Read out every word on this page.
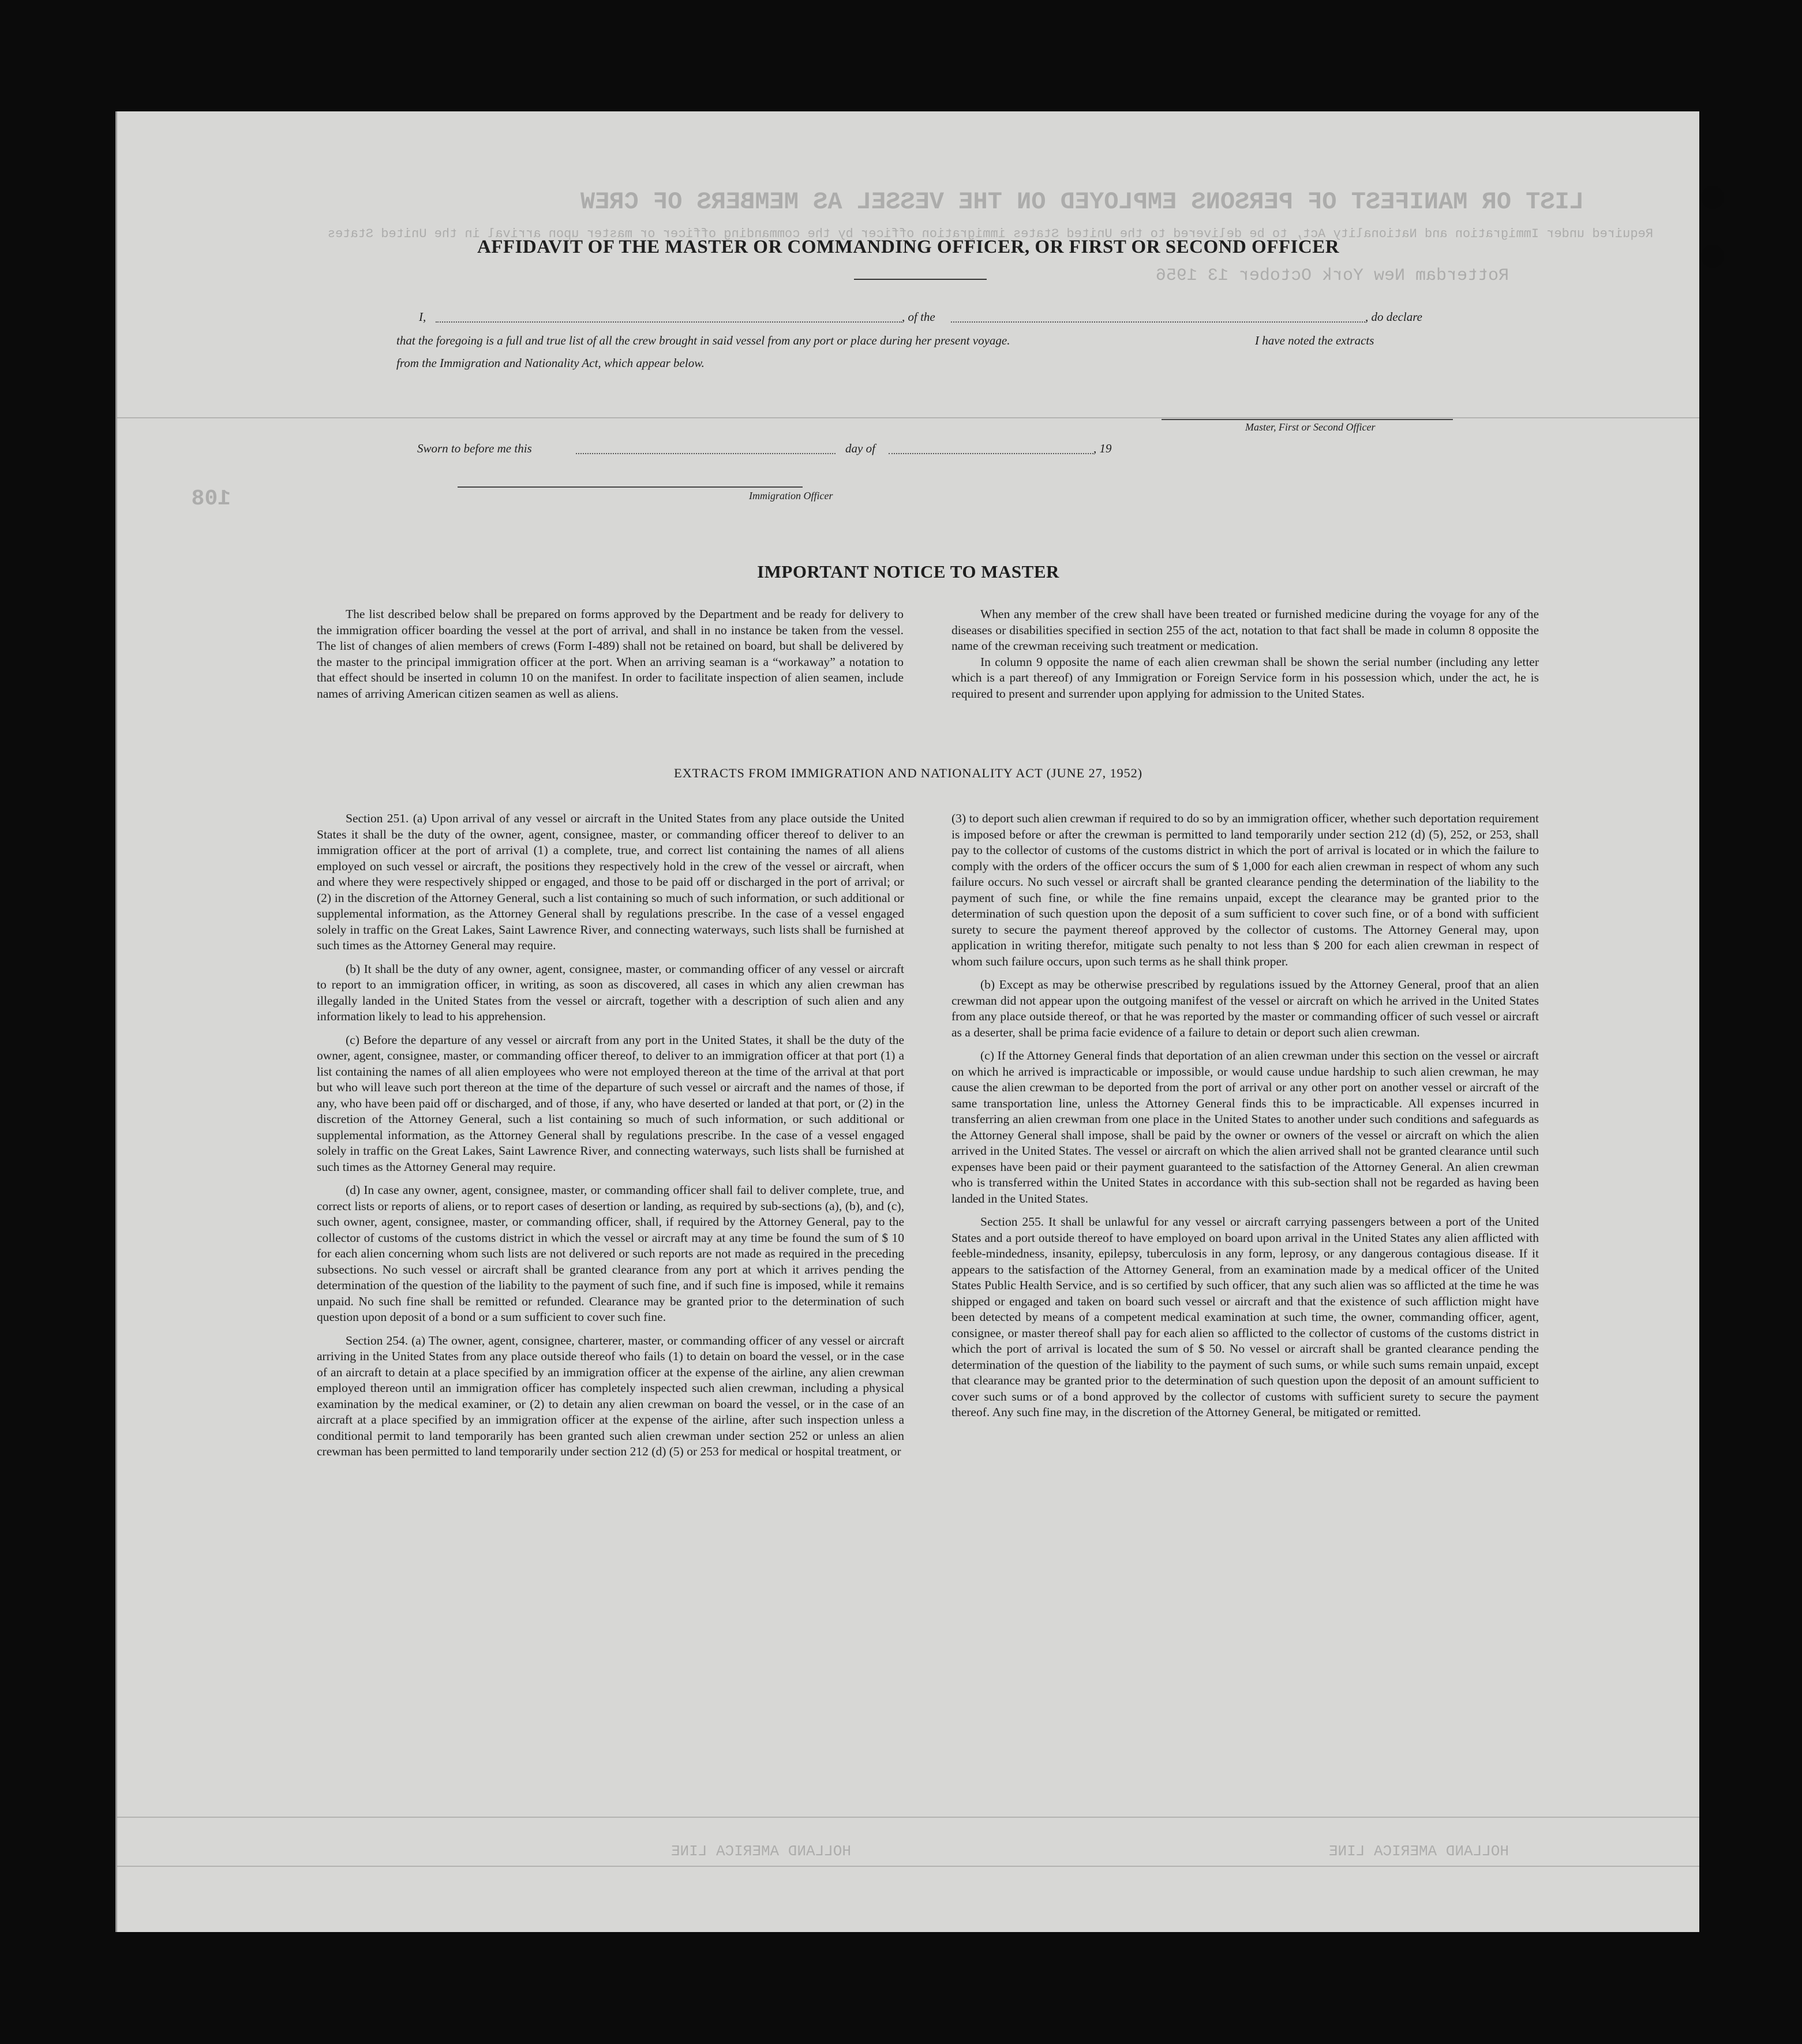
LIST OR MANIFEST OF PERSONS EMPLOYED ON THE VESSEL AS MEMBERS OF CREW
Required under Immigration and Nationality Act, to be delivered to the United States immigration officer by the commanding officer or master upon arrival in the United States
Rotterdam New York October 13 1956
108
HOLLAND AMERICA LINE
HOLLAND AMERICA LINE
AFFIDAVIT OF THE MASTER OR COMMANDING OFFICER, OR FIRST OR SECOND OFFICER
I,	, of the	, do declare
that the foregoing is a full and true list of all the crew brought in said vessel from any port or place during her present voyage.	I have noted the extracts
from the Immigration and Nationality Act, which appear below.
Master, First or Second Officer
Sworn to before me this	day of	, 19
Immigration Officer
IMPORTANT NOTICE TO MASTER

The list described below shall be prepared on forms approved by the Department and be ready for delivery to the immigration officer boarding the vessel at the port of arrival, and shall in no instance be taken from the vessel. The list of changes of alien members of crews (Form I-489) shall not be retained on board, but shall be delivered by the master to the principal immigration officer at the port. When an arriving seaman is a “workaway” a notation to that effect should be inserted in column 10 on the manifest. In order to facilitate inspection of alien seamen, include names of arriving American citizen seamen as well as aliens.

When any member of the crew shall have been treated or furnished medicine during the voyage for any of the diseases or disabilities specified in section 255 of the act, notation to that fact shall be made in column 8 opposite the name of the crewman receiving such treatment or medication.

In column 9 opposite the name of each alien crewman shall be shown the serial number (including any letter which is a part thereof) of any Immigration or Foreign Service form in his possession which, under the act, he is required to present and surrender upon applying for admission to the United States.

EXTRACTS FROM IMMIGRATION AND NATIONALITY ACT (JUNE 27, 1952)

Section 251. (a) Upon arrival of any vessel or aircraft in the United States from any place outside the United States it shall be the duty of the owner, agent, consignee, master, or commanding officer thereof to deliver to an immigration officer at the port of arrival (1) a complete, true, and correct list containing the names of all aliens employed on such vessel or aircraft, the positions they respectively hold in the crew of the vessel or aircraft, when and where they were respectively shipped or engaged, and those to be paid off or discharged in the port of arrival; or (2) in the discretion of the Attorney General, such a list containing so much of such information, or such additional or supplemental information, as the Attorney General shall by regulations prescribe. In the case of a vessel engaged solely in traffic on the Great Lakes, Saint Lawrence River, and connecting waterways, such lists shall be furnished at such times as the Attorney General may require.

(b) It shall be the duty of any owner, agent, consignee, master, or commanding officer of any vessel or aircraft to report to an immigration officer, in writing, as soon as discovered, all cases in which any alien crewman has illegally landed in the United States from the vessel or aircraft, together with a description of such alien and any information likely to lead to his apprehension.

(c) Before the departure of any vessel or aircraft from any port in the United States, it shall be the duty of the owner, agent, consignee, master, or commanding officer thereof, to deliver to an immigration officer at that port (1) a list containing the names of all alien employees who were not employed thereon at the time of the arrival at that port but who will leave such port thereon at the time of the departure of such vessel or aircraft and the names of those, if any, who have been paid off or discharged, and of those, if any, who have deserted or landed at that port, or (2) in the discretion of the Attorney General, such a list containing so much of such information, or such additional or supplemental information, as the Attorney General shall by regulations prescribe. In the case of a vessel engaged solely in traffic on the Great Lakes, Saint Lawrence River, and connecting waterways, such lists shall be furnished at such times as the Attorney General may require.

(d) In case any owner, agent, consignee, master, or commanding officer shall fail to deliver complete, true, and correct lists or reports of aliens, or to report cases of desertion or landing, as required by sub-sections (a), (b), and (c), such owner, agent, consignee, master, or commanding officer, shall, if required by the Attorney General, pay to the collector of customs of the customs district in which the vessel or aircraft may at any time be found the sum of $ 10 for each alien concerning whom such lists are not delivered or such reports are not made as required in the preceding subsections. No such vessel or aircraft shall be granted clearance from any port at which it arrives pending the determination of the question of the liability to the payment of such fine, and if such fine is imposed, while it remains unpaid. No such fine shall be remitted or refunded. Clearance may be granted prior to the determination of such question upon deposit of a bond or a sum sufficient to cover such fine.

Section 254. (a) The owner, agent, consignee, charterer, master, or commanding officer of any vessel or aircraft arriving in the United States from any place outside thereof who fails (1) to detain on board the vessel, or in the case of an aircraft to detain at a place specified by an immigration officer at the expense of the airline, any alien crewman employed thereon until an immigration officer has completely inspected such alien crewman, including a physical examination by the medical examiner, or (2) to detain any alien crewman on board the vessel, or in the case of an aircraft at a place specified by an immigration officer at the expense of the airline, after such inspection unless a conditional permit to land temporarily has been granted such alien crewman under section 252 or unless an alien crewman has been permitted to land temporarily under section 212 (d) (5) or 253 for medical or hospital treatment, or

(3) to deport such alien crewman if required to do so by an immigration officer, whether such deportation requirement is imposed before or after the crewman is permitted to land temporarily under section 212 (d) (5), 252, or 253, shall pay to the collector of customs of the customs district in which the port of arrival is located or in which the failure to comply with the orders of the officer occurs the sum of $ 1,000 for each alien crewman in respect of whom any such failure occurs. No such vessel or aircraft shall be granted clearance pending the determination of the liability to the payment of such fine, or while the fine remains unpaid, except the clearance may be granted prior to the determination of such question upon the deposit of a sum sufficient to cover such fine, or of a bond with sufficient surety to secure the payment thereof approved by the collector of customs. The Attorney General may, upon application in writing therefor, mitigate such penalty to not less than $ 200 for each alien crewman in respect of whom such failure occurs, upon such terms as he shall think proper.

(b) Except as may be otherwise prescribed by regulations issued by the Attorney General, proof that an alien crewman did not appear upon the outgoing manifest of the vessel or aircraft on which he arrived in the United States from any place outside thereof, or that he was reported by the master or commanding officer of such vessel or aircraft as a deserter, shall be prima facie evidence of a failure to detain or deport such alien crewman.

(c) If the Attorney General finds that deportation of an alien crewman under this section on the vessel or aircraft on which he arrived is impracticable or impossible, or would cause undue hardship to such alien crewman, he may cause the alien crewman to be deported from the port of arrival or any other port on another vessel or aircraft of the same transportation line, unless the Attorney General finds this to be impracticable. All expenses incurred in transferring an alien crewman from one place in the United States to another under such conditions and safeguards as the Attorney General shall impose, shall be paid by the owner or owners of the vessel or aircraft on which the alien arrived in the United States. The vessel or aircraft on which the alien arrived shall not be granted clearance until such expenses have been paid or their payment guaranteed to the satisfaction of the Attorney General. An alien crewman who is transferred within the United States in accordance with this sub-section shall not be regarded as having been landed in the United States.

Section 255. It shall be unlawful for any vessel or aircraft carrying passengers between a port of the United States and a port outside thereof to have employed on board upon arrival in the United States any alien afflicted with feeble-mindedness, insanity, epilepsy, tuberculosis in any form, leprosy, or any dangerous contagious disease. If it appears to the satisfaction of the Attorney General, from an examination made by a medical officer of the United States Public Health Service, and is so certified by such officer, that any such alien was so afflicted at the time he was shipped or engaged and taken on board such vessel or aircraft and that the existence of such affliction might have been detected by means of a competent medical examination at such time, the owner, commanding officer, agent, consignee, or master thereof shall pay for each alien so afflicted to the collector of customs of the customs district in which the port of arrival is located the sum of $ 50. No vessel or aircraft shall be granted clearance pending the determination of the question of the liability to the payment of such sums, or while such sums remain unpaid, except that clearance may be granted prior to the determination of such question upon the deposit of an amount sufficient to cover such sums or of a bond approved by the collector of customs with sufficient surety to secure the payment thereof. Any such fine may, in the discretion of the Attorney General, be mitigated or remitted.
